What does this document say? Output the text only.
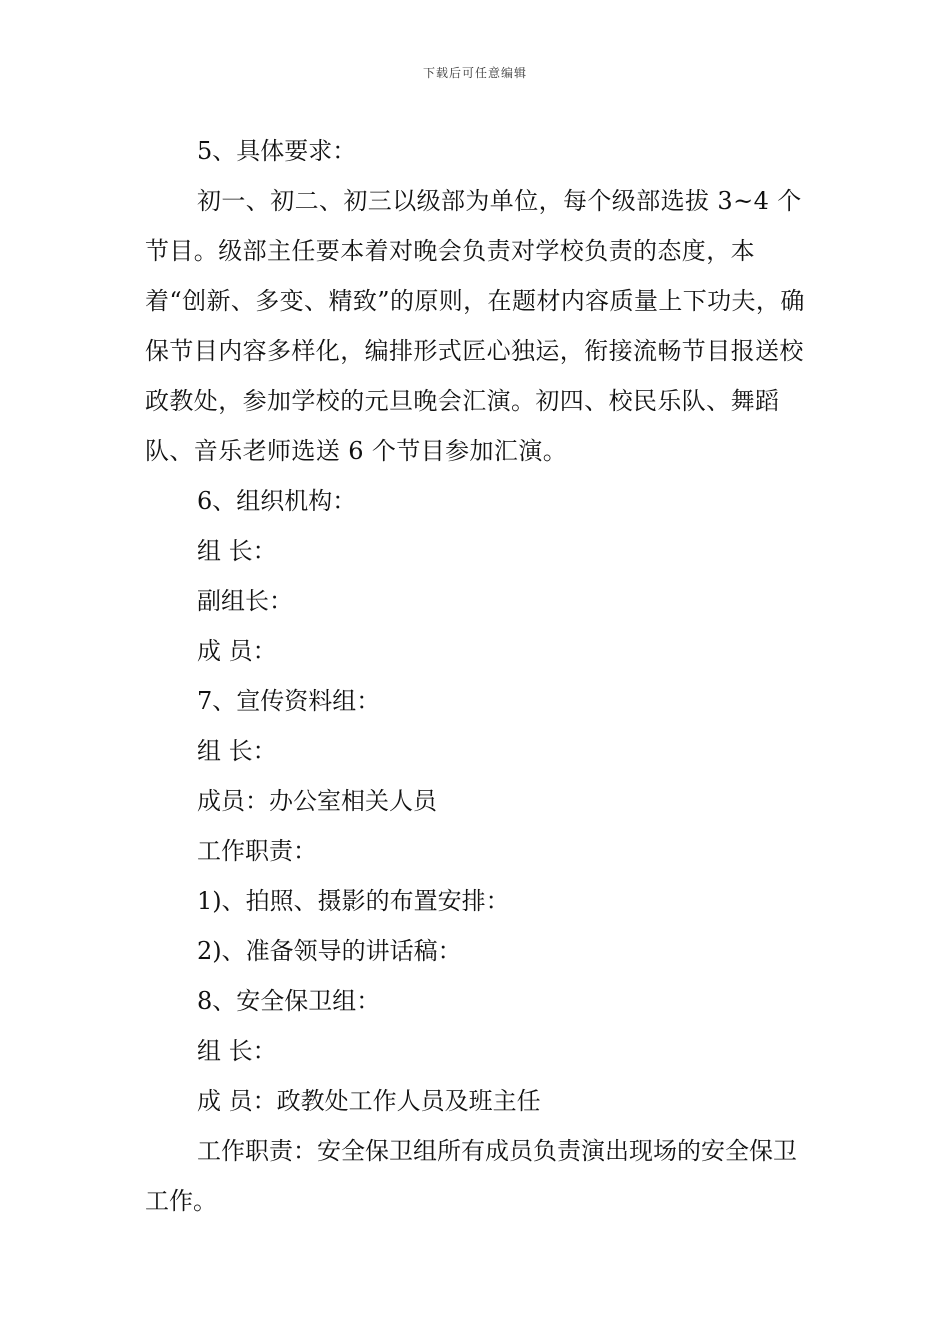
下载后可任意编辑

5、具体要求：

初一、初二、初三以级部为单位，每个级部选拔 3~4 个节目。级部主任要本着对晚会负责对学校负责的态度，本着“创新、多变、精致”的原则，在题材内容质量上下功夫，确保节目内容多样化，编排形式匠心独运，衔接流畅节目报送校政教处，参加学校的元旦晚会汇演。初四、校民乐队、舞蹈队、音乐老师选送 6 个节目参加汇演。

6、组织机构：

组 长：

副组长：

成 员：

7、宣传资料组：

组 长：

成员：办公室相关人员

工作职责：

1)、拍照、摄影的布置安排：

2)、准备领导的讲话稿：

8、安全保卫组：

组 长：

成 员：政教处工作人员及班主任

工作职责：安全保卫组所有成员负责演出现场的安全保卫工作。
